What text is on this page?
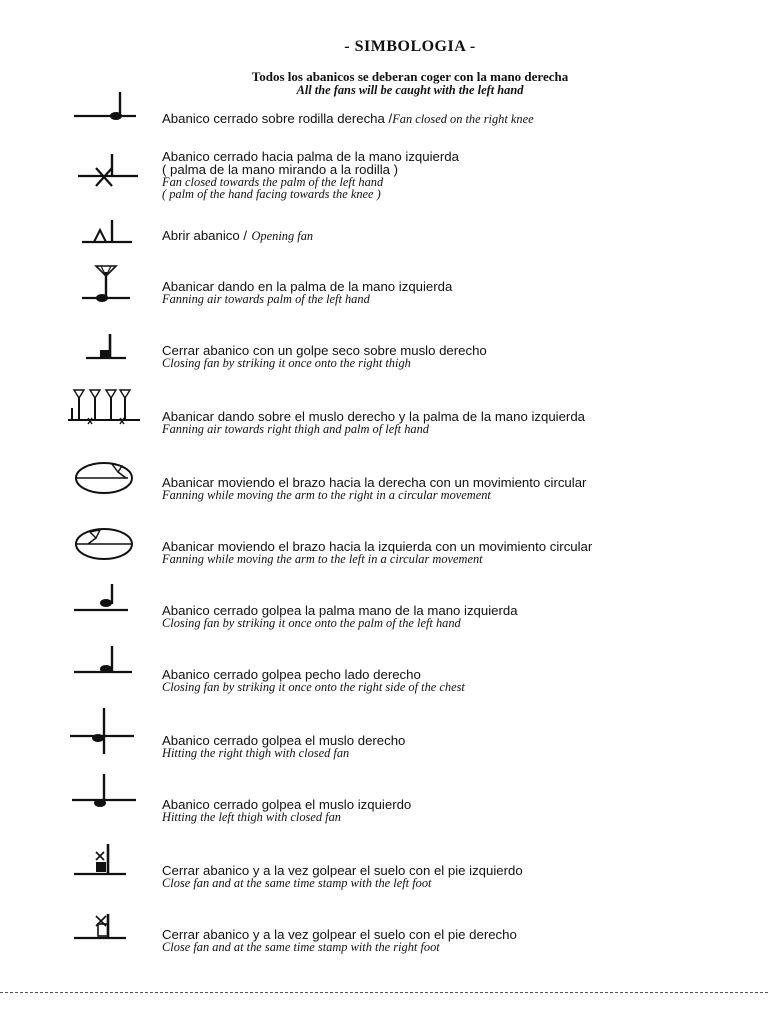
- SIMBOLOGIA -
Todos los abanicos se deberan coger con la mano derecha
All the fans will be caught with the left hand
Abanico cerrado sobre rodilla derecha /Fan closed on the right knee
Abanico cerrado hacia palma de la mano izquierda
( palma de la mano mirando a la rodilla )
Fan closed towards the palm of the left hand
( palm of the hand facing towards the knee )
Abrir abanico / Opening fan
Abanicar dando en la palma de la mano izquierda
Fanning air towards palm of the left hand
Cerrar abanico con un golpe seco sobre muslo derecho
Closing fan by striking it once onto the right thigh
Abanicar dando sobre el muslo derecho y la palma de la mano izquierda
Fanning air towards right thigh and palm of left hand
Abanicar moviendo el brazo hacia la derecha con un movimiento circular
Fanning while moving the arm to the right in a circular movement
Abanicar moviendo el brazo hacia la izquierda con un movimiento circular
Fanning while moving the arm to the left in a circular movement
Abanico cerrado golpea la palma mano de la mano izquierda
Closing fan by striking it once onto the palm of the left hand
Abanico cerrado golpea pecho lado derecho
Closing fan by striking it once onto the right side of the chest
Abanico cerrado golpea el muslo derecho
Hitting the right thigh with closed fan
Abanico cerrado golpea el muslo izquierdo
Hitting the left thigh with closed fan
Cerrar abanico y a la vez golpear el suelo con el pie izquierdo
Close fan and at the same time stamp with the left foot
Cerrar abanico y a la vez golpear el suelo con el pie derecho
Close fan and at the same time stamp with the right foot
